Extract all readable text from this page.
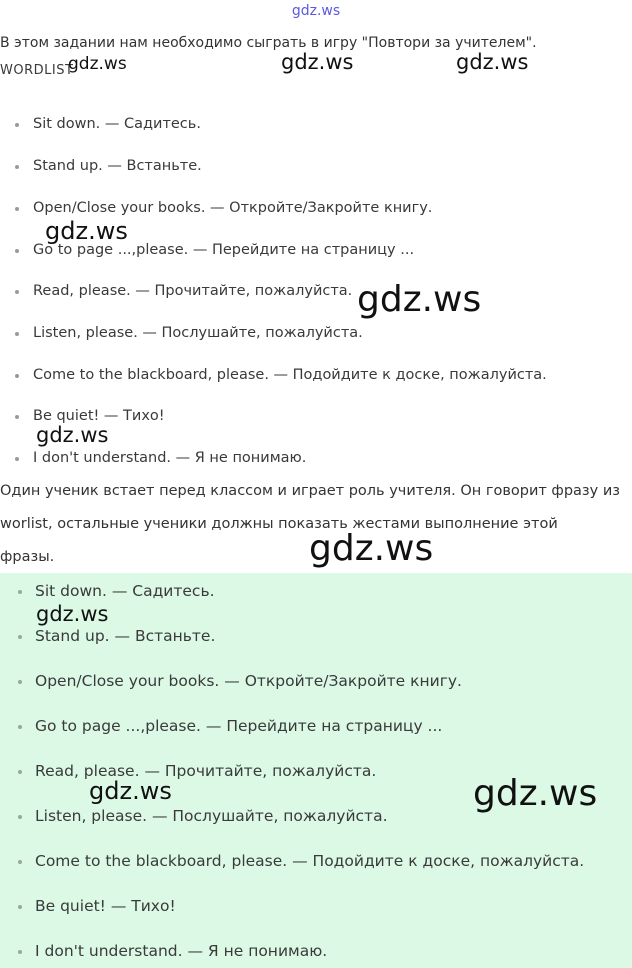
gdz.ws
В этом задании нам необходимо сыграть в игру "Повтори за учителем".
WORDLIST
Sit down. — Садитесь.
Stand up. — Встаньте.
Open/Close your books. — Откройте/Закройте книгу.
Go to page ...,please. — Перейдите на страницу ...
Read, please. — Прочитайте, пожалуйста.
Listen, please. — Послушайте, пожалуйста.
Come to the blackboard, please. — Подойдите к доске, пожалуйста.
Be quiet! — Тихо!
I don't understand. — Я не понимаю.
Один ученик встает перед классом и играет роль учителя. Он говорит фразу из
worlist, остальные ученики должны показать жестами выполнение этой
фразы.
Sit down. — Садитесь.
Stand up. — Встаньте.
Open/Close your books. — Откройте/Закройте книгу.
Go to page ...,please. — Перейдите на страницу ...
Read, please. — Прочитайте, пожалуйста.
Listen, please. — Послушайте, пожалуйста.
Come to the blackboard, please. — Подойдите к доске, пожалуйста.
Be quiet! — Тихо!
I don't understand. — Я не понимаю.
gdz.ws	gdz.ws	gdz.ws
gdz.ws
gdz.ws
gdz.ws
gdz.ws
gdz.ws
gdz.ws	gdz.ws
